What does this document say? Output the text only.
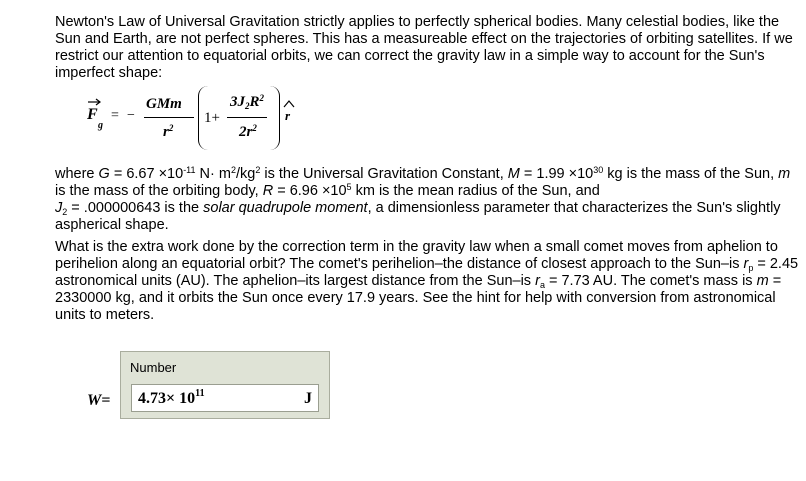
Newton's Law of Universal Gravitation strictly applies to perfectly spherical bodies. Many celestial bodies, like the Sun and Earth, are not perfect spheres. This has a measureable effect on the trajectories of orbiting satellites. If we restrict our attention to equatorial orbits, we can correct the gravity law in a simple way to account for the Sun's imperfect shape:

F
g
= −
GMm
$r^2$
1+
$3J_2R^2$
$2r^2$
r

where $G = 6.67 \times 10^{-11}$ $N\cdot m^2/kg^2$ is the Universal Gravitation Constant, $M = 1.99 \times 10^{30}$ kg is the mass of the Sun, m is the mass of the orbiting body, $R = 6.96 \times 10^5$ km is the mean radius of the Sun, and
$J_2 = .000000643$ is the solar quadrupole moment, a dimensionless parameter that characterizes the Sun's slightly aspherical shape.

What is the extra work done by the correction term in the gravity law when a small comet moves from aphelion to perihelion along an equatorial orbit? The comet's perihelion–the distance of closest approach to the Sun–is $r_p = 2.45$ astronomical units (AU). The aphelion–its largest distance from the Sun–is $r_a = 7.73$ AU. The comet's mass is m = 2330000 kg, and it orbits the Sun once every 17.9 years. See the hint for help with conversion from astronomical units to meters.

W=
Number
$4.73\times 10^{11}$	J
